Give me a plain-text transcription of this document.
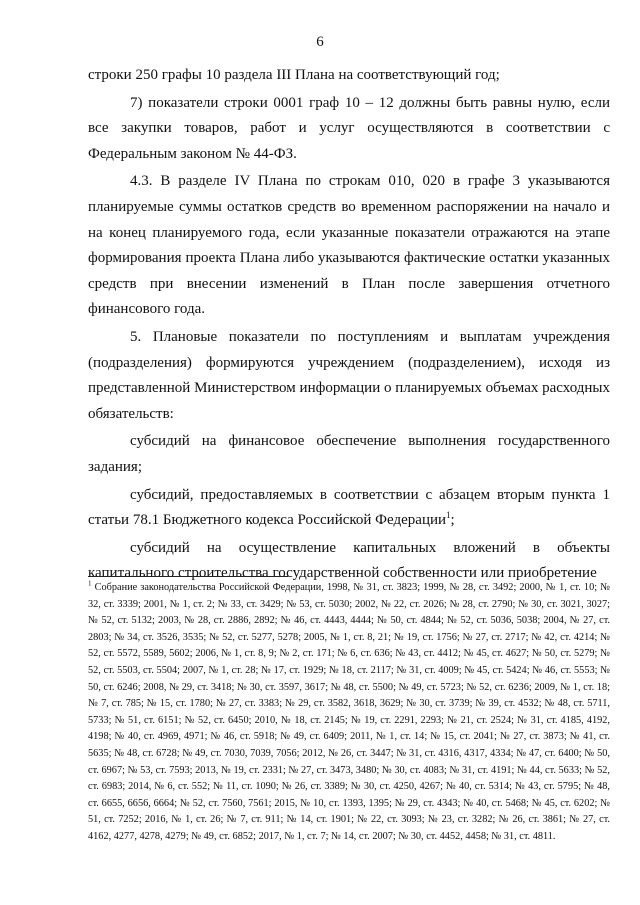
6

строки 250 графы 10 раздела III Плана на соответствующий год;

7) показатели строки 0001 граф 10 – 12 должны быть равны нулю, если все закупки товаров, работ и услуг осуществляются в соответствии с Федеральным законом № 44-ФЗ.

4.3. В разделе IV Плана по строкам 010, 020 в графе 3 указываются планируемые суммы остатков средств во временном распоряжении на начало и на конец планируемого года, если указанные показатели отражаются на этапе формирования проекта Плана либо указываются фактические остатки указанных средств при внесении изменений в План после завершения отчетного финансового года.

5. Плановые показатели по поступлениям и выплатам учреждения (подразделения) формируются учреждением (подразделением), исходя из представленной Министерством информации о планируемых объемах расходных обязательств:

субсидий на финансовое обеспечение выполнения государственного задания;

субсидий, предоставляемых в соответствии с абзацем вторым пункта 1 статьи 78.1 Бюджетного кодекса Российской Федерации$^1$;

субсидий на осуществление капитальных вложений в объекты капитального строительства государственной собственности или приобретение

$^1$ Собрание законодательства Российской Федерации, 1998, № 31, ст. 3823; 1999, № 28, ст. 3492; 2000, № 1, ст. 10; № 32, ст. 3339; 2001, № 1, ст. 2; № 33, ст. 3429; № 53, ст. 5030; 2002, № 22, ст. 2026; № 28, ст. 2790; № 30, ст. 3021, 3027; № 52, ст. 5132; 2003, № 28, ст. 2886, 2892; № 46, ст. 4443, 4444; № 50, ст. 4844; № 52, ст. 5036, 5038; 2004, № 27, ст. 2803; № 34, ст. 3526, 3535; № 52, ст. 5277, 5278; 2005, № 1, ст. 8, 21; № 19, ст. 1756; № 27, ст. 2717; № 42, ст. 4214; № 52, ст. 5572, 5589, 5602; 2006, № 1, ст. 8, 9; № 2, ст. 171; № 6, ст. 636; № 43, ст. 4412; № 45, ст. 4627; № 50, ст. 5279; № 52, ст. 5503, ст. 5504; 2007, № 1, ст. 28; № 17, ст. 1929; № 18, ст. 2117; № 31, ст. 4009; № 45, ст. 5424; № 46, ст. 5553; № 50, ст. 6246; 2008, № 29, ст. 3418; № 30, ст. 3597, 3617; № 48, ст. 5500; № 49, ст. 5723; № 52, ст. 6236; 2009, № 1, ст. 18; № 7, ст. 785; № 15, ст. 1780; № 27, ст. 3383; № 29, ст. 3582, 3618, 3629; № 30, ст. 3739; № 39, ст. 4532; № 48, ст. 5711, 5733; № 51, ст. 6151; № 52, ст. 6450; 2010, № 18, ст. 2145; № 19, ст. 2291, 2293; № 21, ст. 2524; № 31, ст. 4185, 4192, 4198; № 40, ст. 4969, 4971; № 46, ст. 5918; № 49, ст. 6409; 2011, № 1, ст. 14; № 15, ст. 2041; № 27, ст. 3873; № 41, ст. 5635; № 48, ст. 6728; № 49, ст. 7030, 7039, 7056; 2012, № 26, ст. 3447; № 31, ст. 4316, 4317, 4334; № 47, ст. 6400; № 50, ст. 6967; № 53, ст. 7593; 2013, № 19, ст. 2331; № 27, ст. 3473, 3480; № 30, ст. 4083; № 31, ст. 4191; № 44, ст. 5633; № 52, ст. 6983; 2014, № 6, ст. 552; № 11, ст. 1090; № 26, ст. 3389; № 30, ст. 4250, 4267; № 40, ст. 5314; № 43, ст. 5795; № 48, ст. 6655, 6656, 6664; № 52, ст. 7560, 7561; 2015, № 10, ст. 1393, 1395; № 29, ст. 4343; № 40, ст. 5468; № 45, ст. 6202; № 51, ст. 7252; 2016, № 1, ст. 26; № 7, ст. 911; № 14, ст. 1901; № 22, ст. 3093; № 23, ст. 3282; № 26, ст. 3861; № 27, ст. 4162, 4277, 4278, 4279; № 49, ст. 6852; 2017, № 1, ст. 7; № 14, ст. 2007; № 30, ст. 4452, 4458; № 31, ст. 4811.
